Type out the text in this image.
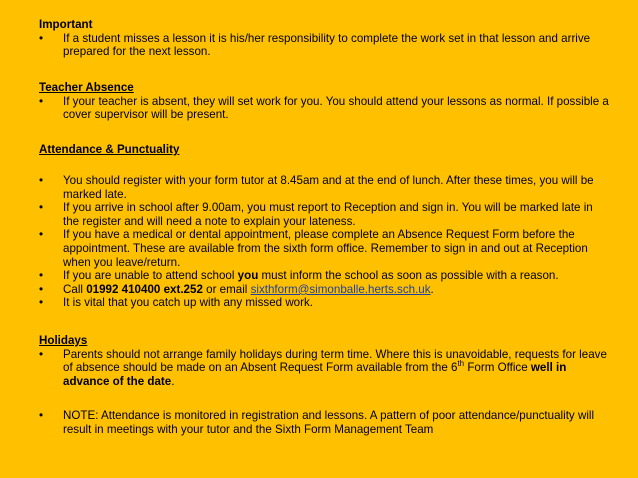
Important
• If a student misses a lesson it is his/her responsibility to complete the work set in that lesson and arrive prepared for the next lesson.
Teacher Absence
• If your teacher is absent, they will set work for you. You should attend your lessons as normal. If possible a cover supervisor will be present.
Attendance & Punctuality
• You should register with your form tutor at 8.45am and at the end of lunch. After these times, you will be marked late.
• If you arrive in school after 9.00am, you must report to Reception and sign in. You will be marked late in the register and will need a note to explain your lateness.
• If you have a medical or dental appointment, please complete an Absence Request Form before the appointment. These are available from the sixth form office. Remember to sign in and out at Reception when you leave/return.
• If you are unable to attend school you must inform the school as soon as possible with a reason.
• Call 01992 410400 ext.252 or email sixthform@simonballe.herts.sch.uk.
• It is vital that you catch up with any missed work.
Holidays
• Parents should not arrange family holidays during term time. Where this is unavoidable, requests for leave of absence should be made on an Absent Request Form available from the 6th Form Office well in advance of the date.
• NOTE: Attendance is monitored in registration and lessons. A pattern of poor attendance/punctuality will result in meetings with your tutor and the Sixth Form Management Team
